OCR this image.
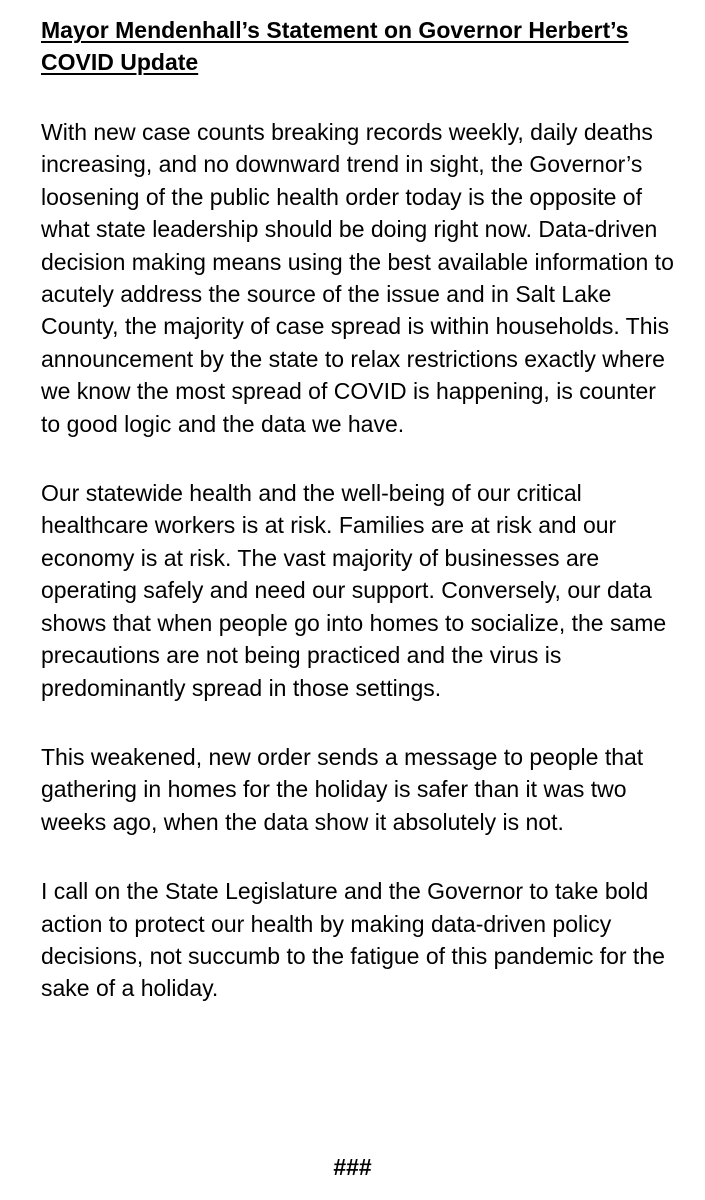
Mayor Mendenhall’s Statement on Governor Herbert’s COVID Update

With new case counts breaking records weekly, daily deaths increasing, and no downward trend in sight, the Governor’s loosening of the public health order today is the opposite of what state leadership should be doing right now. Data-driven decision making means using the best available information to acutely address the source of the issue and in Salt Lake County, the majority of case spread is within households. This announcement by the state to relax restrictions exactly where we know the most spread of COVID is happening, is counter to good logic and the data we have.

Our statewide health and the well-being of our critical healthcare workers is at risk. Families are at risk and our economy is at risk. The vast majority of businesses are operating safely and need our support. Conversely, our data shows that when people go into homes to socialize, the same precautions are not being practiced and the virus is predominantly spread in those settings.

This weakened, new order sends a message to people that gathering in homes for the holiday is safer than it was two weeks ago, when the data show it absolutely is not.

I call on the State Legislature and the Governor to take bold action to protect our health by making data-driven policy decisions, not succumb to the fatigue of this pandemic for the sake of a holiday.

###
